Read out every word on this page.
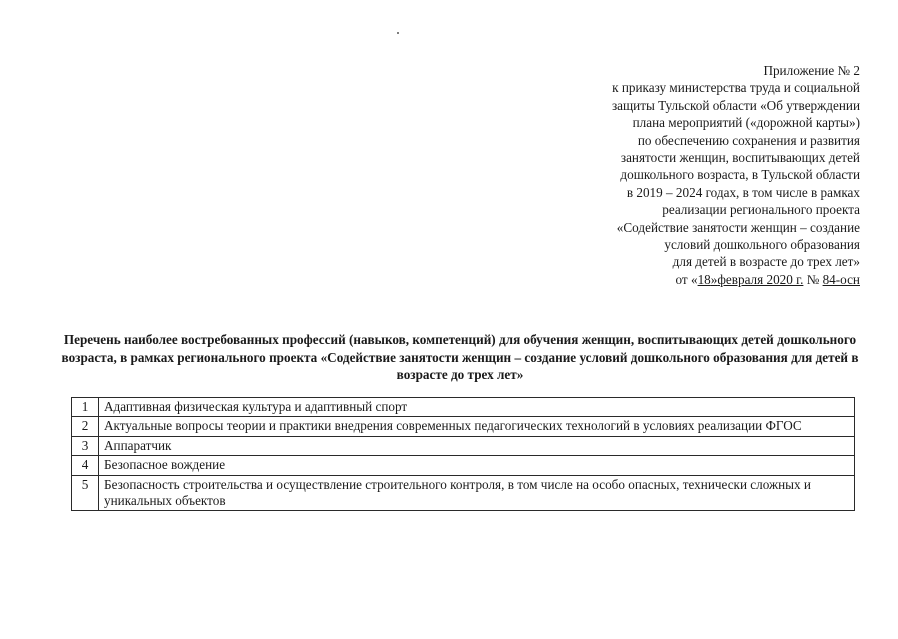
Приложение № 2
к приказу министерства труда и социальной
защиты Тульской области «Об утверждении
плана мероприятий («дорожной карты»)
по обеспечению сохранения и развития
занятости женщин, воспитывающих детей
дошкольного возраста, в Тульской области
в 2019 – 2024 годах, в том числе в рамках
реализации регионального проекта
«Содействие занятости женщин – создание
условий дошкольного образования
для детей в возрасте до трех лет»
от «18»февраля 2020 г. № 84-осн
Перечень наиболее востребованных профессий (навыков, компетенций) для обучения женщин, воспитывающих детей дошкольного возраста, в рамках регионального проекта «Содействие занятости женщин – создание условий дошкольного образования для детей в возрасте до трех лет»
1	Адаптивная физическая культура и адаптивный спорт
2	Актуальные вопросы теории и практики внедрения современных педагогических технологий в условиях реализации ФГОС
3	Аппаратчик
4	Безопасное вождение
5	Безопасность строительства и осуществление строительного контроля, в том числе на особо опасных, технически сложных и уникальных объектов
